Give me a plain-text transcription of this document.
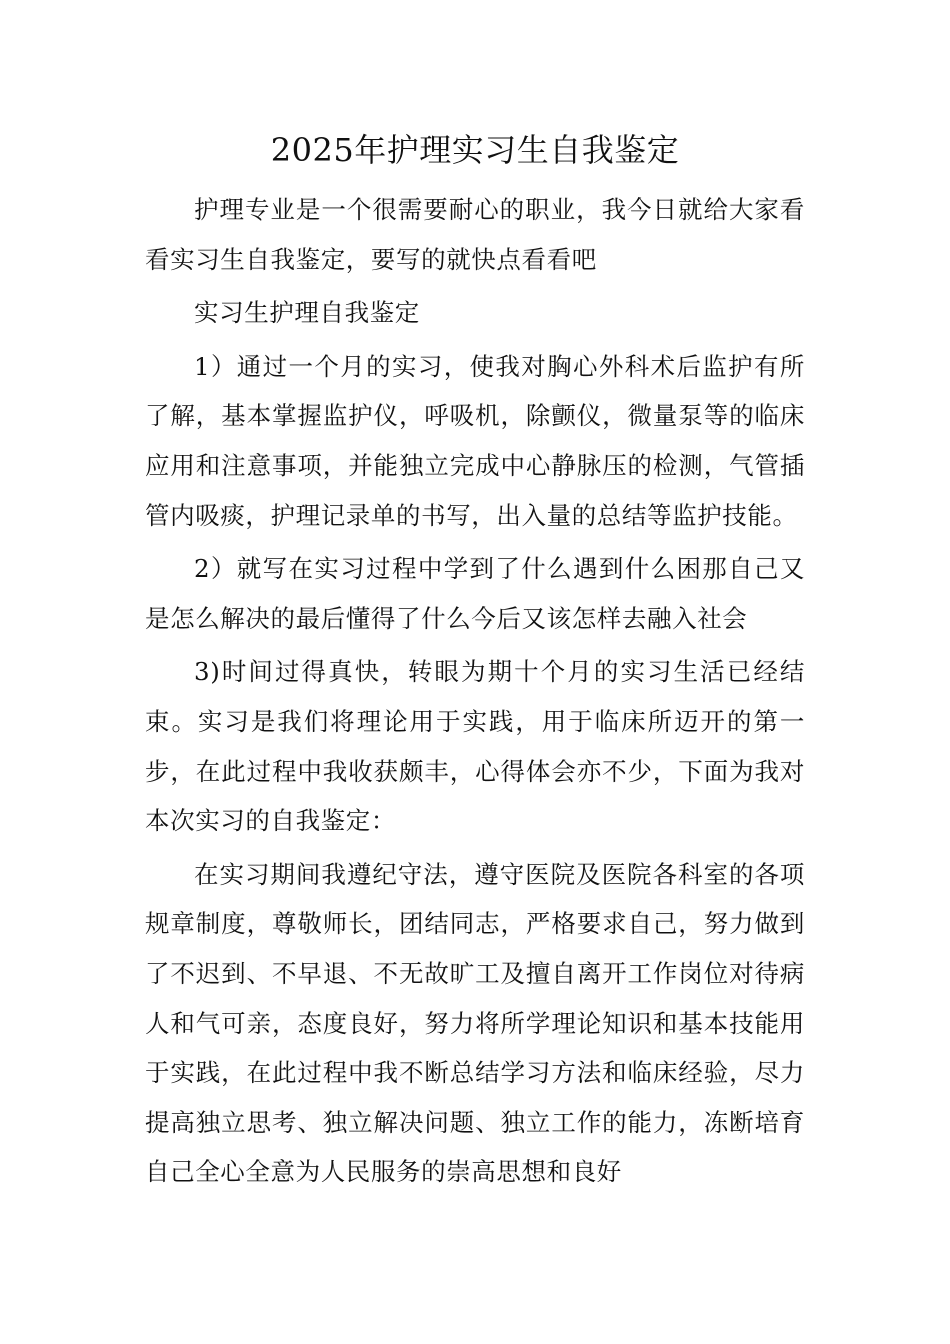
2025年护理实习生自我鉴定

护理专业是一个很需要耐心的职业，我今日就给大家看看实习生自我鉴定，要写的就快点看看吧

实习生护理自我鉴定

1）通过一个月的实习，使我对胸心外科术后监护有所了解，基本掌握监护仪，呼吸机，除颤仪，微量泵等的临床应用和注意事项，并能独立完成中心静脉压的检测，气管插管内吸痰，护理记录单的书写，出入量的总结等监护技能。

2）就写在实习过程中学到了什么遇到什么困那自己又是怎么解决的最后懂得了什么今后又该怎样去融入社会

3)时间过得真快，转眼为期十个月的实习生活已经结束。实习是我们将理论用于实践，用于临床所迈开的第一步，在此过程中我收获颇丰，心得体会亦不少，下面为我对本次实习的自我鉴定：

在实习期间我遵纪守法，遵守医院及医院各科室的各项规章制度，尊敬师长，团结同志，严格要求自己，努力做到了不迟到、不早退、不无故旷工及擅自离开工作岗位对待病人和气可亲，态度良好，努力将所学理论知识和基本技能用于实践，在此过程中我不断总结学习方法和临床经验，尽力提高独立思考、独立解决问题、独立工作的能力，冻断培育自己全心全意为人民服务的崇高思想和良好
